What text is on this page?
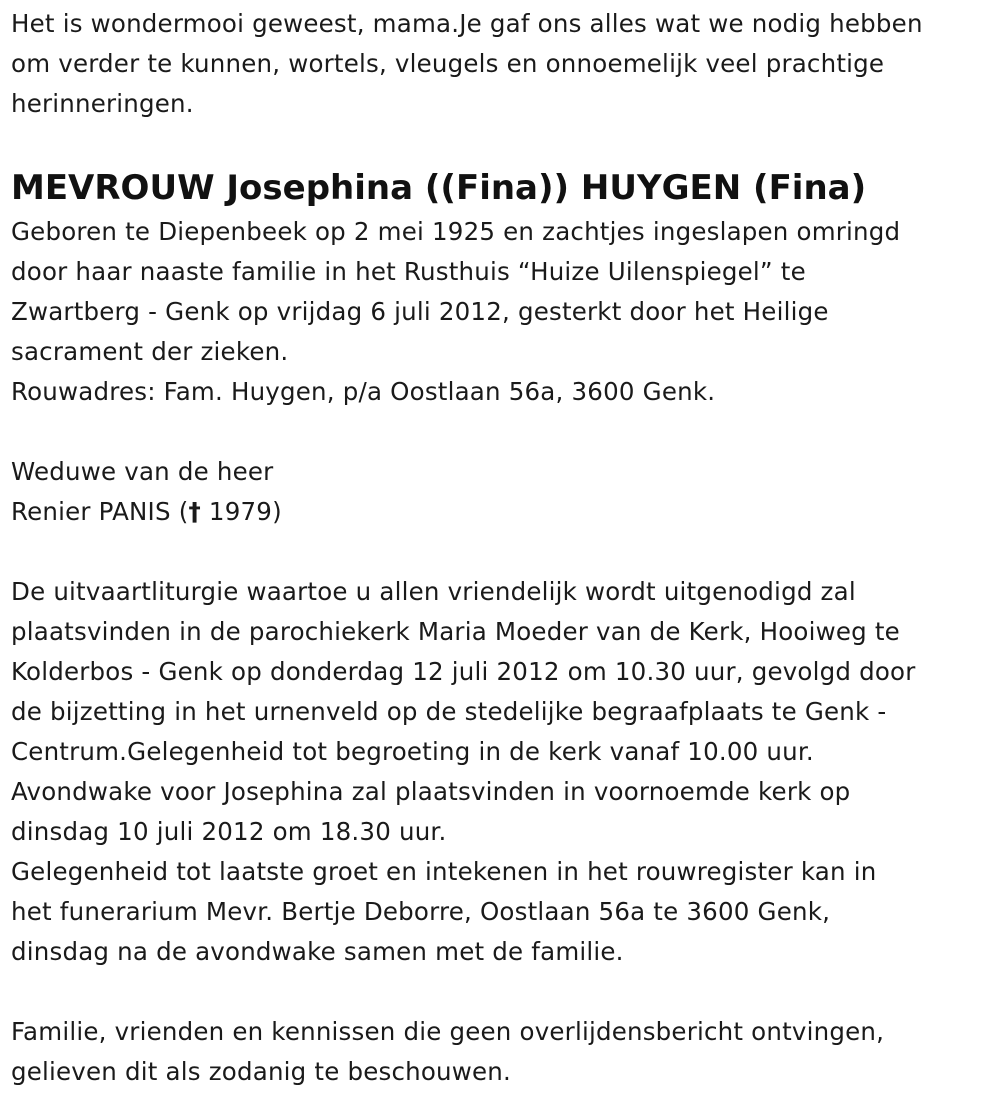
Het is wondermooi geweest, mama.Je gaf ons alles wat we nodig hebben
om verder te kunnen, wortels, vleugels en onnoemelijk veel prachtige
herinneringen.
MEVROUW Josephina ((Fina)) HUYGEN (Fina)
Geboren te Diepenbeek op 2 mei 1925 en zachtjes ingeslapen omringd
door haar naaste familie in het Rusthuis “Huize Uilenspiegel” te
Zwartberg - Genk op vrijdag 6 juli 2012, gesterkt door het Heilige
sacrament der zieken.
Rouwadres: Fam. Huygen, p/a Oostlaan 56a, 3600 Genk.
Weduwe van de heer
Renier PANIS († 1979)
De uitvaartliturgie waartoe u allen vriendelijk wordt uitgenodigd zal
plaatsvinden in de parochiekerk Maria Moeder van de Kerk, Hooiweg te
Kolderbos - Genk op donderdag 12 juli 2012 om 10.30 uur, gevolgd door
de bijzetting in het urnenveld op de stedelijke begraafplaats te Genk -
Centrum.Gelegenheid tot begroeting in de kerk vanaf 10.00 uur.
Avondwake voor Josephina zal plaatsvinden in voornoemde kerk op
dinsdag 10 juli 2012 om 18.30 uur.
Gelegenheid tot laatste groet en intekenen in het rouwregister kan in
het funerarium Mevr. Bertje Deborre, Oostlaan 56a te 3600 Genk,
dinsdag na de avondwake samen met de familie.
Familie, vrienden en kennissen die geen overlijdensbericht ontvingen,
gelieven dit als zodanig te beschouwen.
